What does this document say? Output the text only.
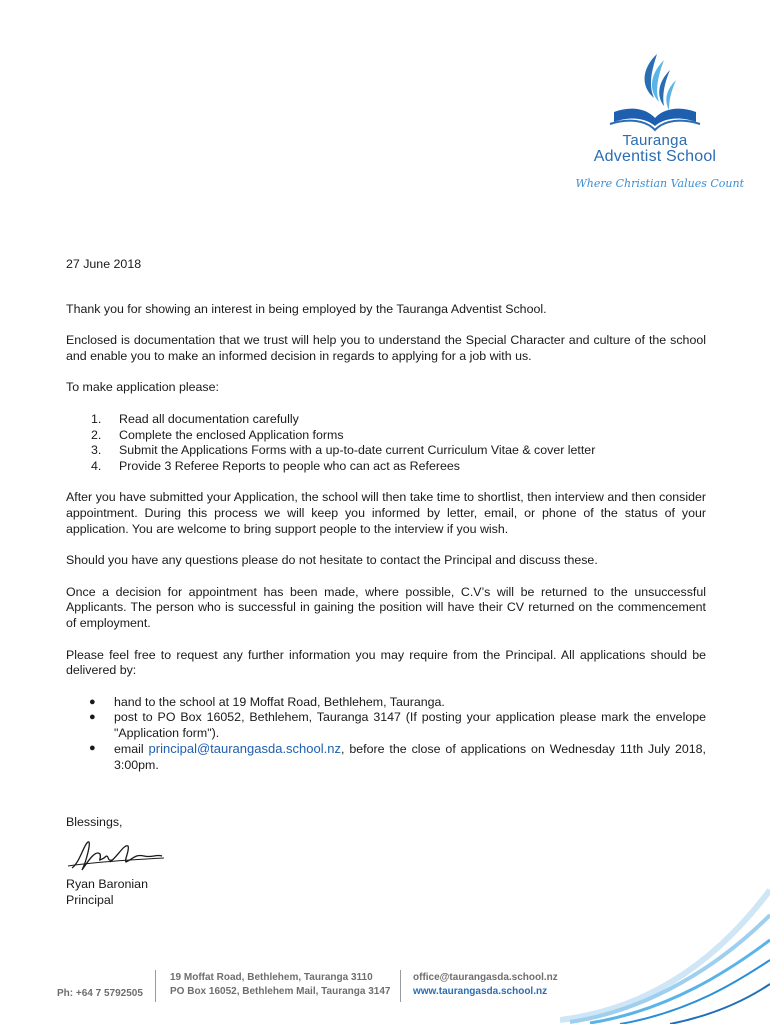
Tauranga
Adventist School
Where Christian Values Count

27 June 2018

Thank you for showing an interest in being employed by the Tauranga Adventist School.

Enclosed is documentation that we trust will help you to understand the Special Character and culture of the school and enable you to make an informed decision in regards to applying for a job with us.

To make application please:

1.	Read all documentation carefully
2.	Complete the enclosed Application forms
3.	Submit the Applications Forms with a up-to-date current Curriculum Vitae & cover letter
4.	Provide 3 Referee Reports to people who can act as Referees

After you have submitted your Application, the school will then take time to shortlist, then interview and then consider appointment. During this process we will keep you informed by letter, email, or phone of the status of your application. You are welcome to bring support people to the interview if you wish.

Should you have any questions please do not hesitate to contact the Principal and discuss these.

Once a decision for appointment has been made, where possible, C.V’s will be returned to the unsuccessful Applicants. The person who is successful in gaining the position will have their CV returned on the commencement of employment.

Please feel free to request any further information you may require from the Principal. All applications should be delivered by:

●	hand to the school at 19 Moffat Road, Bethlehem, Tauranga.
●	post to PO Box 16052, Bethlehem, Tauranga 3147 (If posting your application please mark the envelope "Application form").
●	email principal@taurangasda.school.nz, before the close of applications on Wednesday 11th July 2018, 3:00pm.

Blessings,

Ryan Baronian
Principal
Ph: +64 7 5792505
19 Moffat Road, Bethlehem, Tauranga 3110
PO Box 16052, Bethlehem Mail, Tauranga 3147
office@taurangasda.school.nz
www.taurangasda.school.nz
